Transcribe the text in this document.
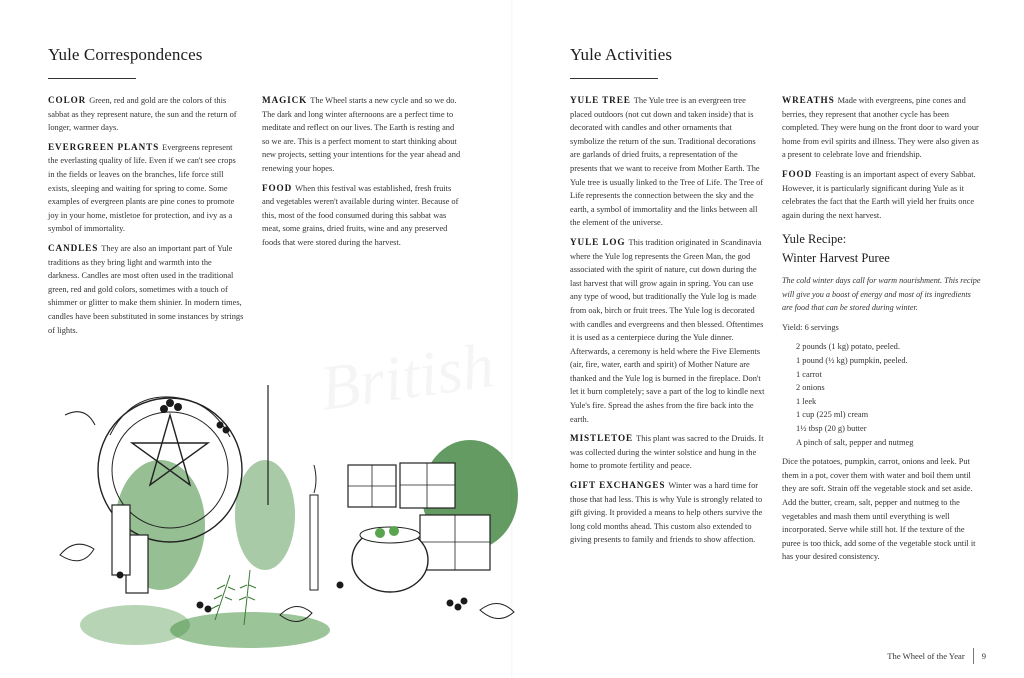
Yule Correspondences

COLOR Green, red and gold are the colors of this sabbat as they represent nature, the sun and the return of longer, warmer days.

EVERGREEN PLANTS Evergreens represent the everlasting quality of life. Even if we can't see crops in the fields or leaves on the branches, life force still exists, sleeping and waiting for spring to come. Some examples of evergreen plants are pine cones to promote joy in your home, mistletoe for protection, and ivy as a symbol of immortality.

CANDLES They are also an important part of Yule traditions as they bring light and warmth into the darkness. Candles are most often used in the traditional green, red and gold colors, sometimes with a touch of shimmer or glitter to make them shinier. In modern times, candles have been substituted in some instances by strings of lights.

MAGICK The Wheel starts a new cycle and so we do. The dark and long winter afternoons are a perfect time to meditate and reflect on our lives. The Earth is resting and so we are. This is a perfect moment to start thinking about new projects, setting your intentions for the year ahead and renewing your hopes.

FOOD When this festival was established, fresh fruits and vegetables weren't available during winter. Because of this, most of the food consumed during this sabbat was meat, some grains, dried fruits, wine and any preserved foods that were stored during the harvest.

Yule Activities

YULE TREE The Yule tree is an evergreen tree placed outdoors (not cut down and taken inside) that is decorated with candles and other ornaments that symbolize the return of the sun. Traditional decorations are garlands of dried fruits, a representation of the presents that we want to receive from Mother Earth. The Yule tree is usually linked to the Tree of Life. The Tree of Life represents the connection between the sky and the earth, a symbol of immortality and the links between all the element of the universe.

YULE LOG This tradition originated in Scandinavia where the Yule log represents the Green Man, the god associated with the spirit of nature, cut down during the last harvest that will grow again in spring. You can use any type of wood, but traditionally the Yule log is made from oak, birch or fruit trees. The Yule log is decorated with candles and evergreens and then blessed. Oftentimes it is used as a centerpiece during the Yule dinner. Afterwards, a ceremony is held where the Five Elements (air, fire, water, earth and spirit) of Mother Nature are thanked and the Yule log is burned in the fireplace. Don't let it burn completely; save a part of the log to kindle next Yule's fire. Spread the ashes from the fire back into the earth.

MISTLETOE This plant was sacred to the Druids. It was collected during the winter solstice and hung in the home to promote fertility and peace.

GIFT EXCHANGES Winter was a hard time for those that had less. This is why Yule is strongly related to gift giving. It provided a means to help others survive the long cold months ahead. This custom also extended to giving presents to family and friends to show affection.

WREATHS Made with evergreens, pine cones and berries, they represent that another cycle has been completed. They were hung on the front door to ward your home from evil spirits and illness. They were also given as a present to celebrate love and friendship.

FOOD Feasting is an important aspect of every Sabbat. However, it is particularly significant during Yule as it celebrates the fact that the Earth will yield her fruits once again during the next harvest.

Yule Recipe:
Winter Harvest Puree

The cold winter days call for warm nourishment. This recipe will give you a boost of energy and most of its ingredients are food that can be stored during winter.

Yield: 6 servings

2 pounds (1 kg) potato, peeled.
1 pound (½ kg) pumpkin, peeled.
1 carrot
2 onions
1 leek
1 cup (225 ml) cream
1½ tbsp (20 g) butter
A pinch of salt, pepper and nutmeg

Dice the potatoes, pumpkin, carrot, onions and leek. Put them in a pot, cover them with water and boil them until they are soft. Strain off the vegetable stock and set aside. Add the butter, cream, salt, pepper and nutmeg to the vegetables and mash them until everything is well incorporated. Serve while still hot. If the texture of the puree is too thick, add some of the vegetable stock until it has your desired consistency.

The Wheel of the Year 9
